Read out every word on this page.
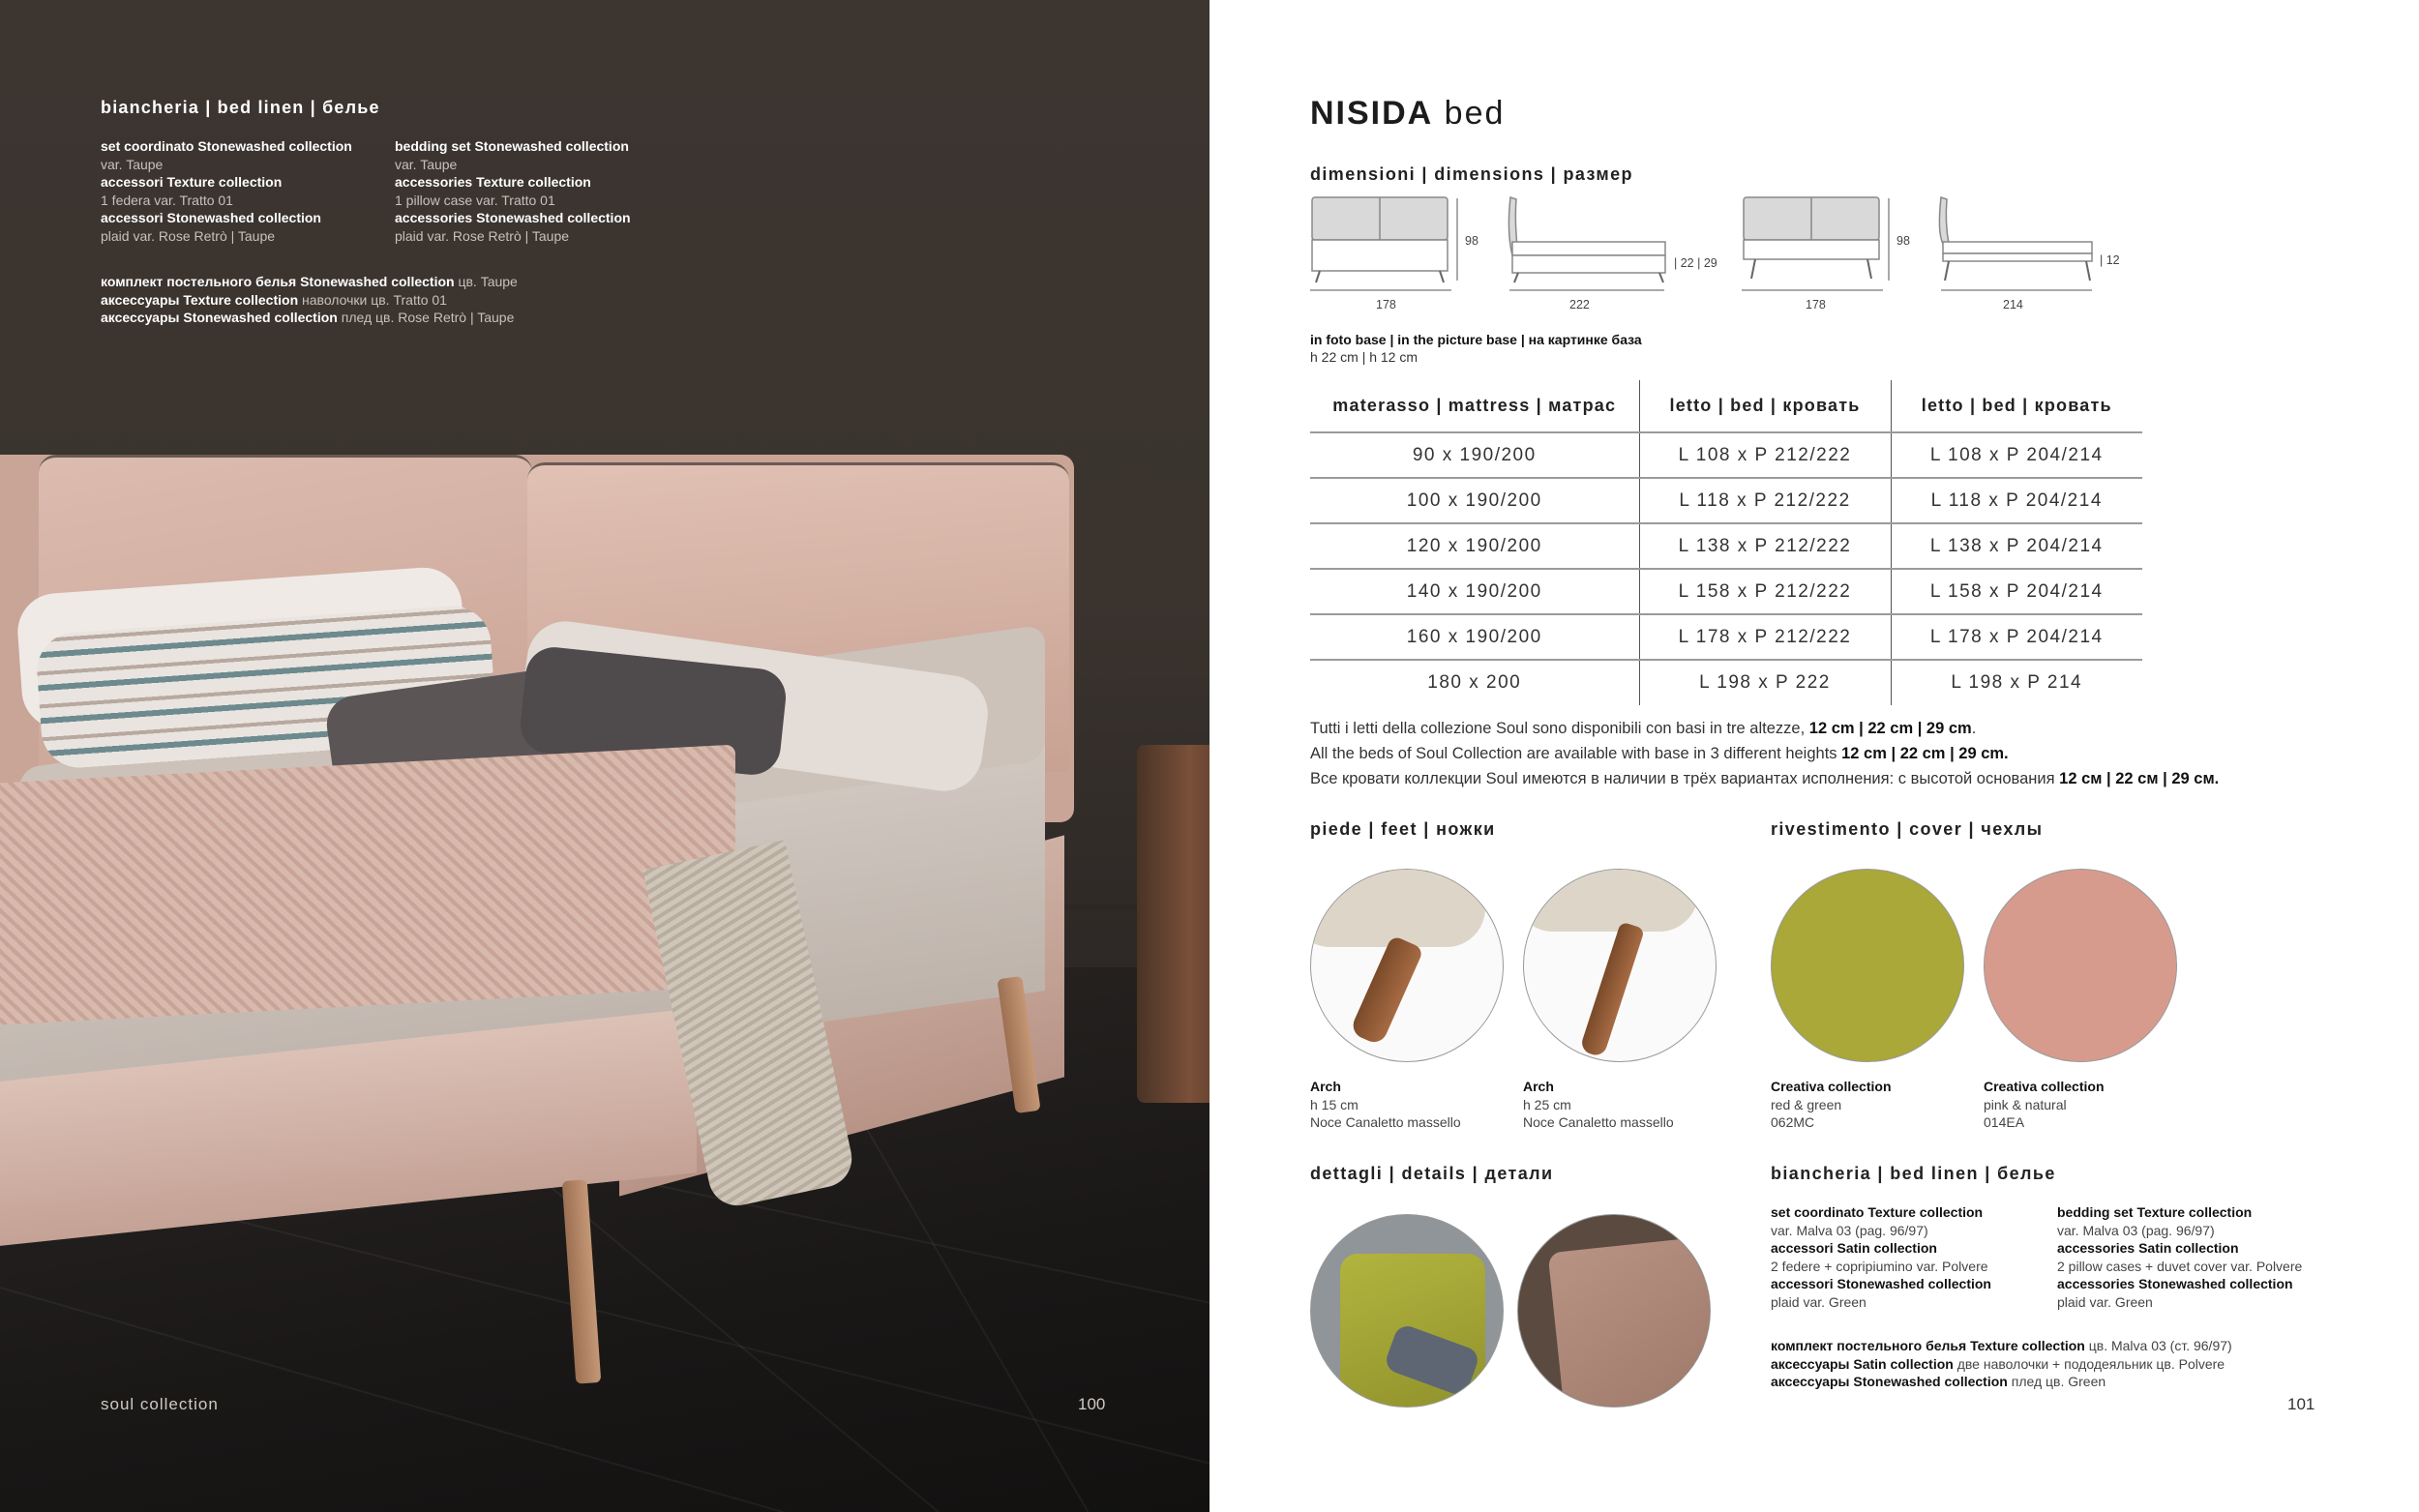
biancheria | bed linen | белье
set coordinato Stonewashed collection
var. Taupe
accessori Texture collection
1 federa var. Tratto 01
accessori Stonewashed collection
plaid var. Rose Retrò | Taupe
bedding set Stonewashed collection
var. Taupe
accessories Texture collection
1 pillow case var. Tratto 01
accessories Stonewashed collection
plaid var. Rose Retrò | Taupe
комплект постельного белья Stonewashed collection цв. Taupe
аксессуары Texture collection наволочки цв. Tratto 01
аксессуары Stonewashed collection плед цв. Rose Retrò | Taupe
soul collection	100
NISIDA bed
dimensioni | dimensions | размер
178
98
222
| 22 | 29
178
98
214
| 12
in foto base | in the picture base | на картинке база
h 22 cm | h 12 cm
materasso | mattress | матрас	letto | bed | кровать	letto | bed | кровать
90 x 190/200	L 108 x P 212/222	L 108 x P 204/214
100 x 190/200	L 118 x P 212/222	L 118 x P 204/214
120 x 190/200	L 138 x P 212/222	L 138 x P 204/214
140 x 190/200	L 158 x P 212/222	L 158 x P 204/214
160 x 190/200	L 178 x P 212/222	L 178 x P 204/214
180 x 200	L 198 x P 222	L 198 x P 214
Tutti i letti della collezione Soul sono disponibili con basi in tre altezze, 12 cm | 22 cm | 29 cm.
All the beds of Soul Collection are available with base in 3 different heights 12 cm | 22 cm | 29 cm.
Все кровати коллекции Soul имеются в наличии в трёх вариантах исполнения: с высотой основания 12 см | 22 см | 29 см.
piede | feet | ножки
Arch
h 15 cm
Noce Canaletto massello
Arch
h 25 cm
Noce Canaletto massello
rivestimento | cover | чехлы
Creativa collection
red & green
062MC
Creativa collection
pink & natural
014EA
dettagli | details | детали	biancheria | bed linen | белье
set coordinato Texture collection
var. Malva 03 (pag. 96/97)
accessori Satin collection
2 federe + copripiumino var. Polvere
accessori Stonewashed collection
plaid var. Green
bedding set Texture collection
var. Malva 03 (pag. 96/97)
accessories Satin collection
2 pillow cases + duvet cover var. Polvere
accessories Stonewashed collection
plaid var. Green
комплект постельного белья Texture collection цв. Malva 03 (ст. 96/97)
аксессуары Satin collection две наволочки + пододеяльник цв. Polvere
аксессуары Stonewashed collection плед цв. Green
101
